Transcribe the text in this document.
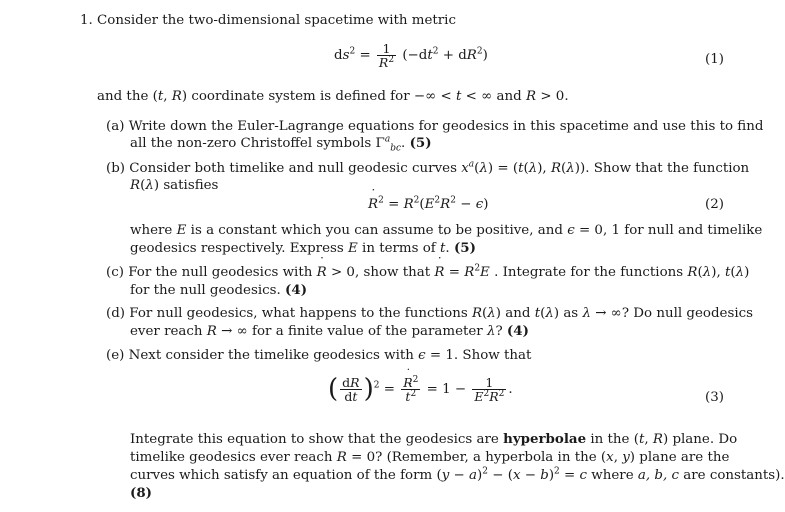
1. Consider the two-dimensional spacetime with metric
$ds^2 = \frac{1}{R^2} (-dt^2 + dR^2)$	(1)
and the (t, R) coordinate system is defined for −∞ < t < ∞ and R > 0.
(a) Write down the Euler-Lagrange equations for geodesics in this spacetime and use this to find
all the non-zero Christoffel symbols $\Gamma^a_{bc}$. (5)
(b) Consider both timelike and null geodesic curves $x^a(\lambda) = (t(\lambda)$, R(λ)). Show that the function
R(λ) satisfies
˙ $R^2 = R^2(E^2R^2 - \epsilon)$	(2)
where E is a constant which you can assume to be positive, and ϵ = 0, 1 for null and timelike
geodesics respectively. Express E in terms of ˙ t. (5)
(c) For the null geodesics with ˙ R > 0, show that ˙ $R = R^2E$ . Integrate for the functions R(λ), t(λ)
for the null geodesics. (4)
(d) For null geodesics, what happens to the functions R(λ) and t(λ) as λ → ∞? Do null geodesics
ever reach R → ∞ for a finite value of the parameter λ? (4)
(e) Next consider the timelike geodesics with ϵ = 1. Show that
( $\frac{dR}{dt} )^2$ = ˙ $R^2$
˙ $t^2 = 1 - \frac{1}{E^2R^2}$ .
(3)
Integrate this equation to show that the geodesics are hyperbolae in the (t, R) plane. Do
timelike geodesics ever reach R = 0? (Remember, a hyperbola in the (x, y) plane are the
curves which satisfy an equation of the form $(y - a)^2 - (x - b)^2 = c$ where a, b, c are constants).
(8)
